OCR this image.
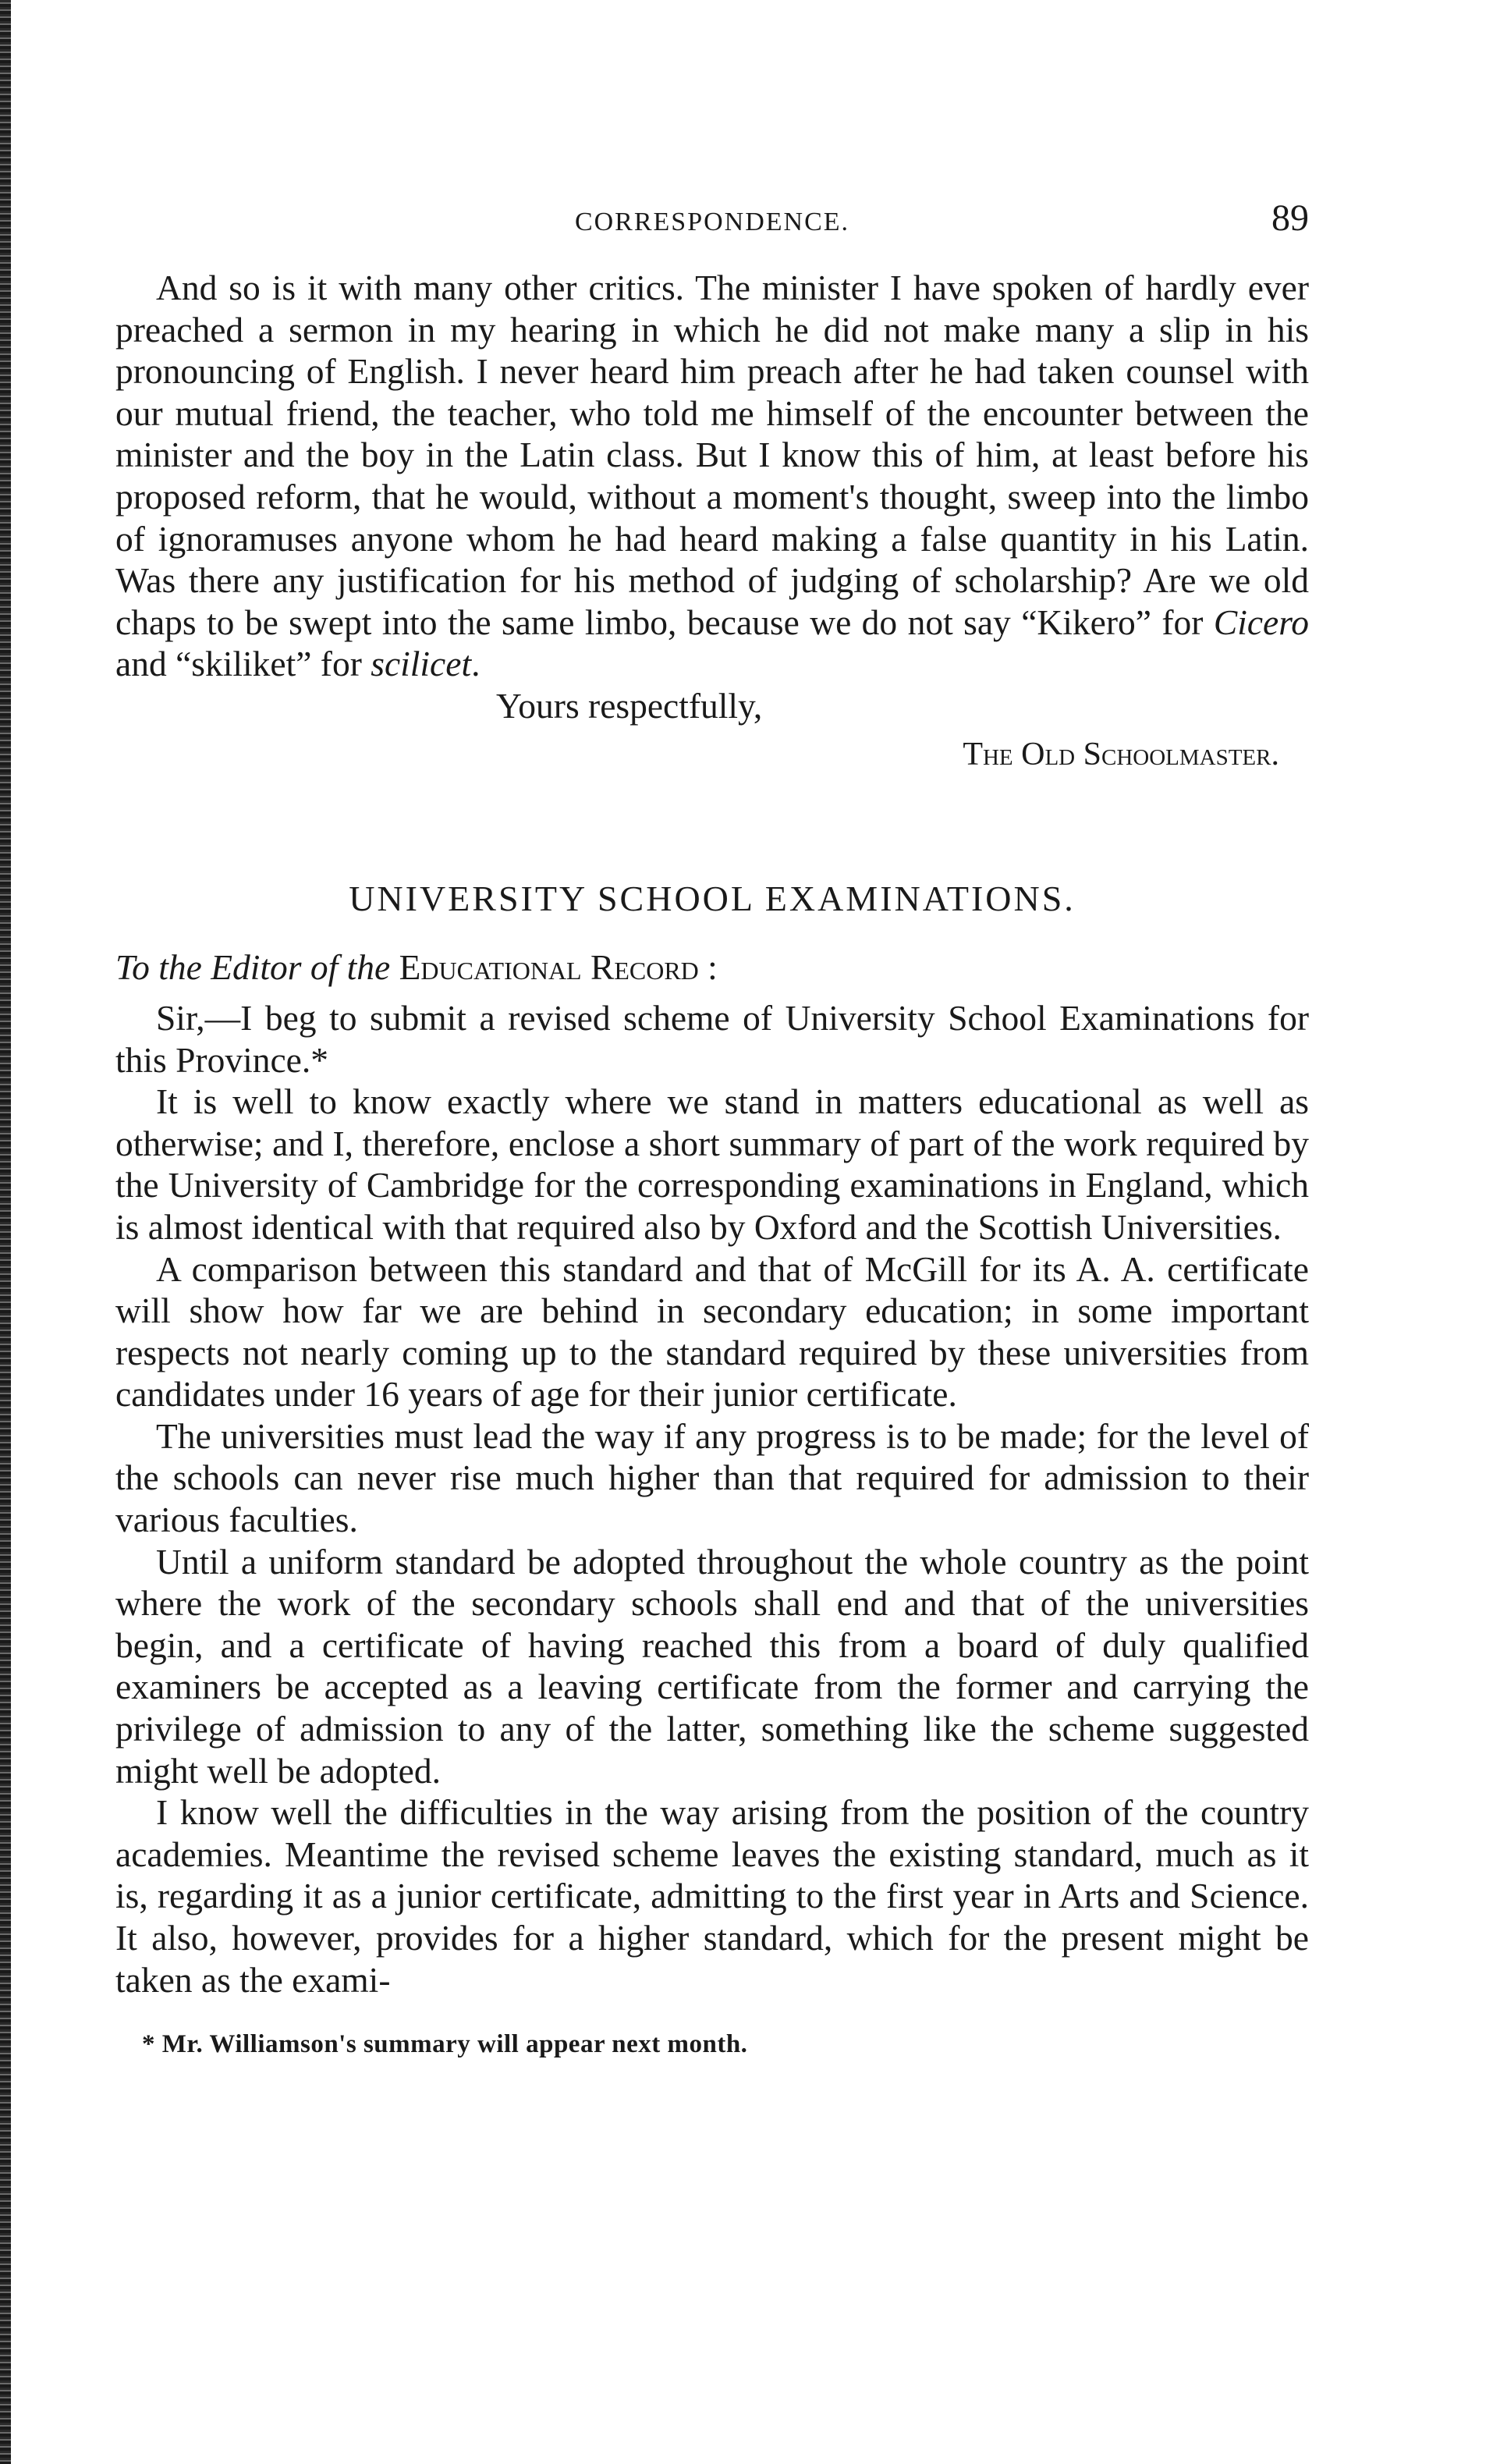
CORRESPONDENCE.	89

And so is it with many other critics. The minister I have spoken of hardly ever preached a sermon in my hearing in which he did not make many a slip in his pronouncing of English. I never heard him preach after he had taken counsel with our mutual friend, the teacher, who told me himself of the encounter between the minister and the boy in the Latin class. But I know this of him, at least before his proposed reform, that he would, without a moment's thought, sweep into the limbo of ignoramuses anyone whom he had heard making a false quantity in his Latin. Was there any justification for his method of judging of scholarship? Are we old chaps to be swept into the same limbo, because we do not say “Kikero” for Cicero and “skiliket” for scilicet.

Yours respectfully,
The Old Schoolmaster.
UNIVERSITY SCHOOL EXAMINATIONS.
To the Editor of the Educational Record :

Sir,—I beg to submit a revised scheme of University School Examinations for this Province.*

It is well to know exactly where we stand in matters educational as well as otherwise; and I, therefore, enclose a short summary of part of the work required by the University of Cambridge for the corresponding examinations in England, which is almost identical with that required also by Oxford and the Scottish Universities.

A comparison between this standard and that of McGill for its A. A. certificate will show how far we are behind in secondary education; in some important respects not nearly coming up to the standard required by these universities from candidates under 16 years of age for their junior certificate.

The universities must lead the way if any progress is to be made; for the level of the schools can never rise much higher than that required for admission to their various faculties.

Until a uniform standard be adopted throughout the whole country as the point where the work of the secondary schools shall end and that of the universities begin, and a certificate of having reached this from a board of duly qualified examiners be accepted as a leaving certificate from the former and carrying the privilege of admission to any of the latter, something like the scheme suggested might well be adopted.

I know well the difficulties in the way arising from the position of the country academies. Meantime the revised scheme leaves the existing standard, much as it is, regarding it as a junior certificate, admitting to the first year in Arts and Science. It also, however, provides for a higher standard, which for the present might be taken as the exami-

* Mr. Williamson's summary will appear next month.
